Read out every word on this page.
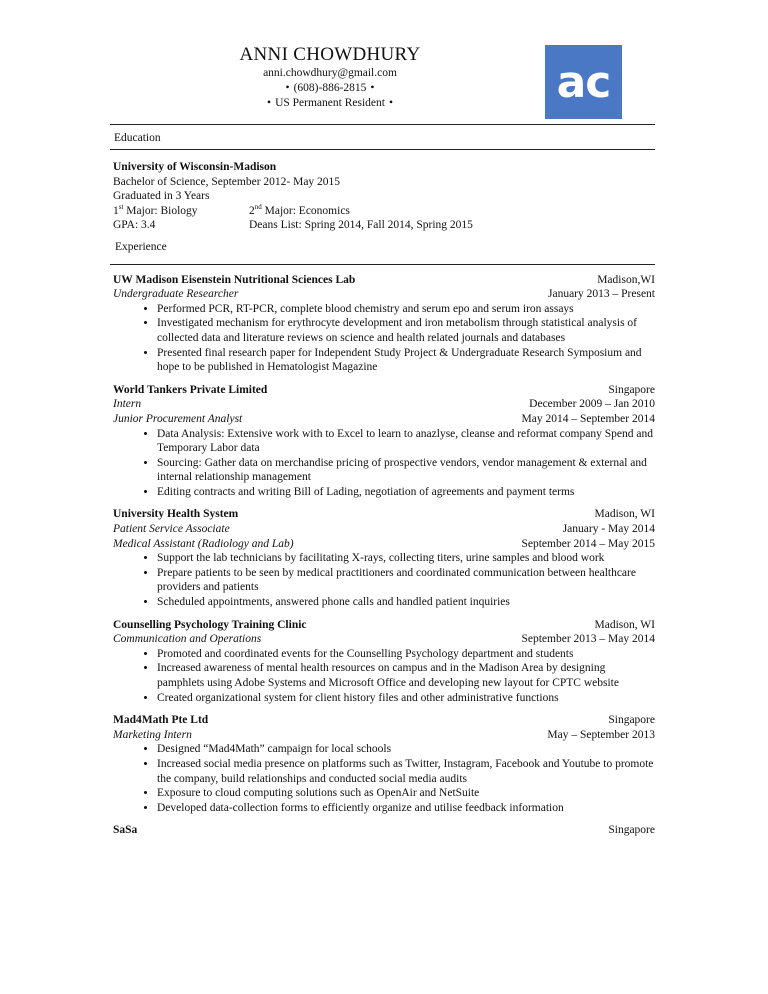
ANNI CHOWDHURY
anni.chowdhury@gmail.com
• (608)-886-2815•
• US Permanent Resident•	ac
Education
University of Wisconsin-Madison
Bachelor of Science, September 2012- May 2015
Graduated in 3 Years
1st Major: Biology	2nd Major: Economics
GPA: 3.4	Deans List: Spring 2014, Fall 2014, Spring 2015
Experience
UW Madison Eisenstein Nutritional Sciences Lab	Madison,WI
Undergraduate Researcher	January 2013 – Present
• Performed PCR, RT-PCR, complete blood chemistry and serum epo and serum iron assays
• Investigated mechanism for erythrocyte development and iron metabolism through statistical analysis of collected data and literature reviews on science and health related journals and databases
• Presented final research paper for Independent Study Project & Undergraduate Research Symposium and hope to be published in Hematologist Magazine
World Tankers Private Limited	Singapore
Intern	December 2009 – Jan 2010
Junior Procurement Analyst	May 2014 – September 2014
• Data Analysis: Extensive work with to Excel to learn to anazlyse, cleanse and reformat company Spend and Temporary Labor data
• Sourcing: Gather data on merchandise pricing of prospective vendors, vendor management & external and internal relationship management
• Editing contracts and writing Bill of Lading, negotiation of agreements and payment terms
University Health System	Madison, WI
Patient Service Associate	January - May 2014
Medical Assistant (Radiology and Lab)	September 2014 – May 2015
• Support the lab technicians by facilitating X-rays, collecting titers, urine samples and blood work
• Prepare patients to be seen by medical practitioners and coordinated communication between healthcare providers and patients
• Scheduled appointments, answered phone calls and handled patient inquiries
Counselling Psychology Training Clinic	Madison, WI
Communication and Operations	September 2013 – May 2014
• Promoted and coordinated events for the Counselling Psychology department and students
• Increased awareness of mental health resources on campus and in the Madison Area by designing pamphlets using Adobe Systems and Microsoft Office and developing new layout for CPTC website
• Created organizational system for client history files and other administrative functions
Mad4Math Pte Ltd	Singapore
Marketing Intern	May – September 2013
• Designed “Mad4Math” campaign for local schools
• Increased social media presence on platforms such as Twitter, Instagram, Facebook and Youtube to promote the company, build relationships and conducted social media audits
• Exposure to cloud computing solutions such as OpenAir and NetSuite
• Developed data-collection forms to efficiently organize and utilise feedback information
SaSa	Singapore
